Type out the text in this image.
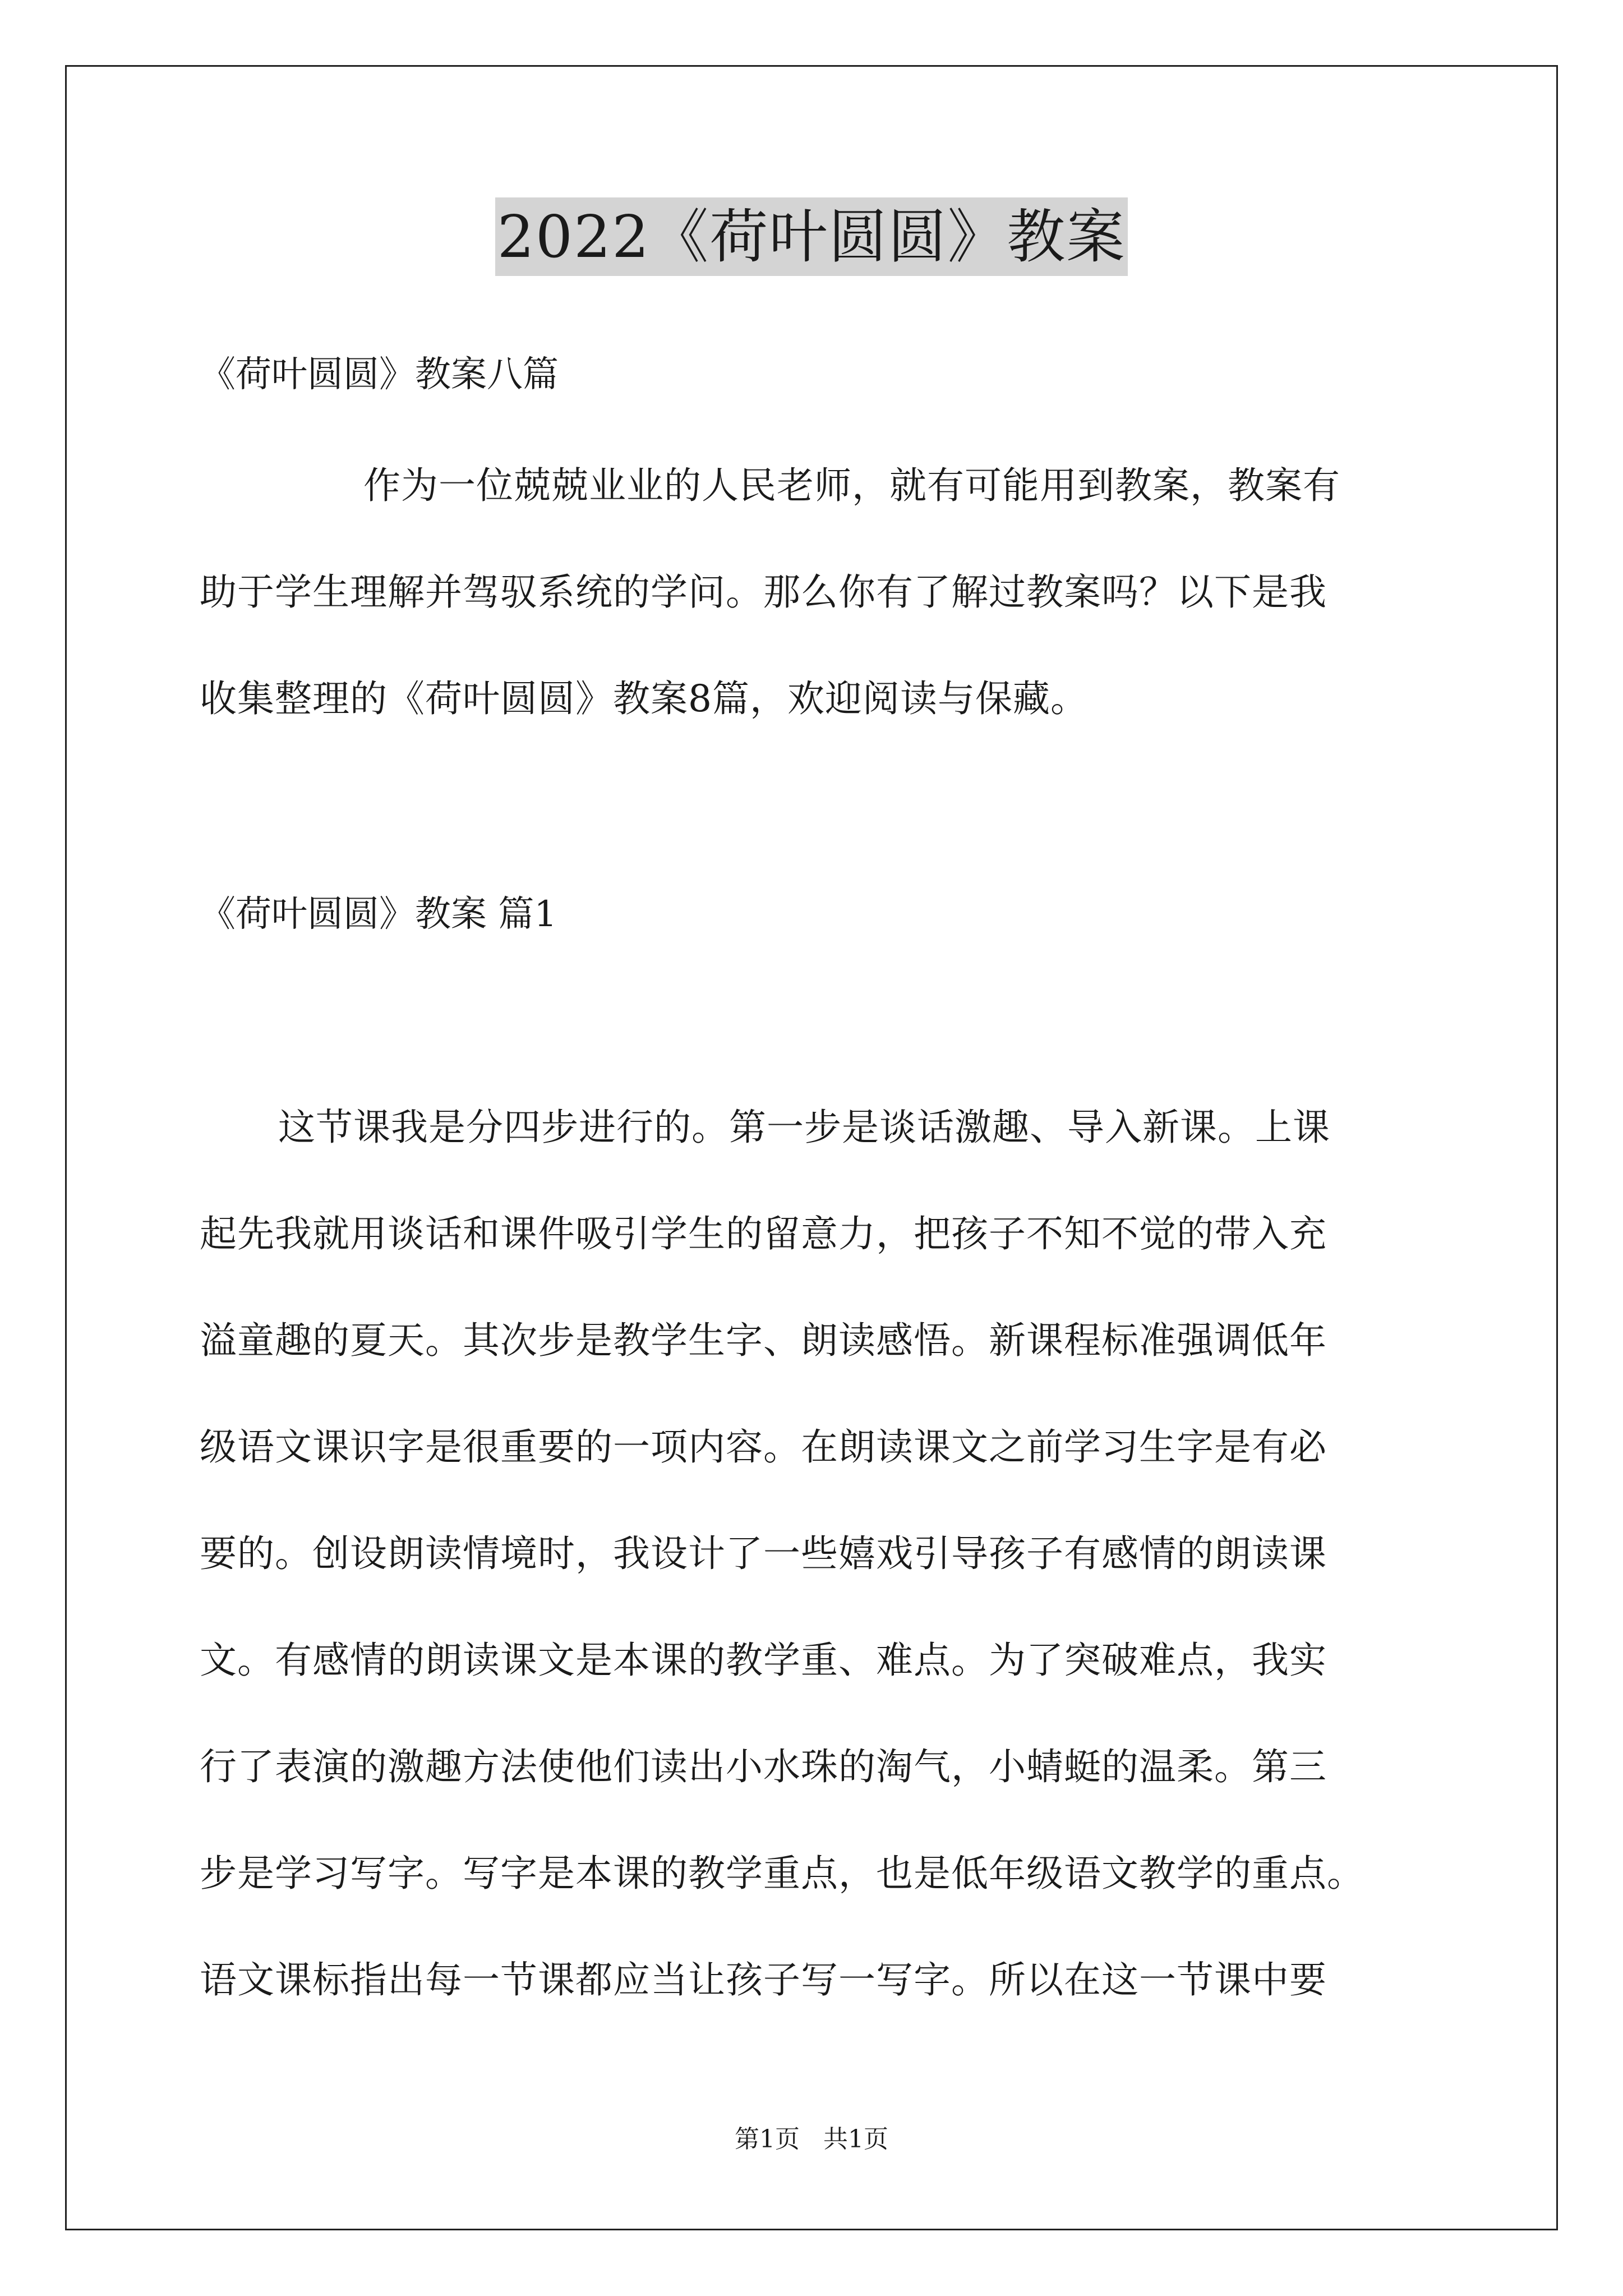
2022《荷叶圆圆》教案
《荷叶圆圆》教案八篇
作为一位兢兢业业的人民老师，就有可能用到教案，教案有
助于学生理解并驾驭系统的学问。那么你有了解过教案吗？以下是我
收集整理的《荷叶圆圆》教案8篇，欢迎阅读与保藏。
《荷叶圆圆》教案 篇1
这节课我是分四步进行的。第一步是谈话激趣、导入新课。上课
起先我就用谈话和课件吸引学生的留意力，把孩子不知不觉的带入充
溢童趣的夏天。其次步是教学生字、朗读感悟。新课程标准强调低年
级语文课识字是很重要的一项内容。在朗读课文之前学习生字是有必
要的。创设朗读情境时，我设计了一些嬉戏引导孩子有感情的朗读课
文。有感情的朗读课文是本课的教学重、难点。为了突破难点，我实
行了表演的激趣方法使他们读出小水珠的淘气，小蜻蜓的温柔。第三
步是学习写字。写字是本课的教学重点，也是低年级语文教学的重点。
语文课标指出每一节课都应当让孩子写一写字。所以在这一节课中要
第1页   共1页
